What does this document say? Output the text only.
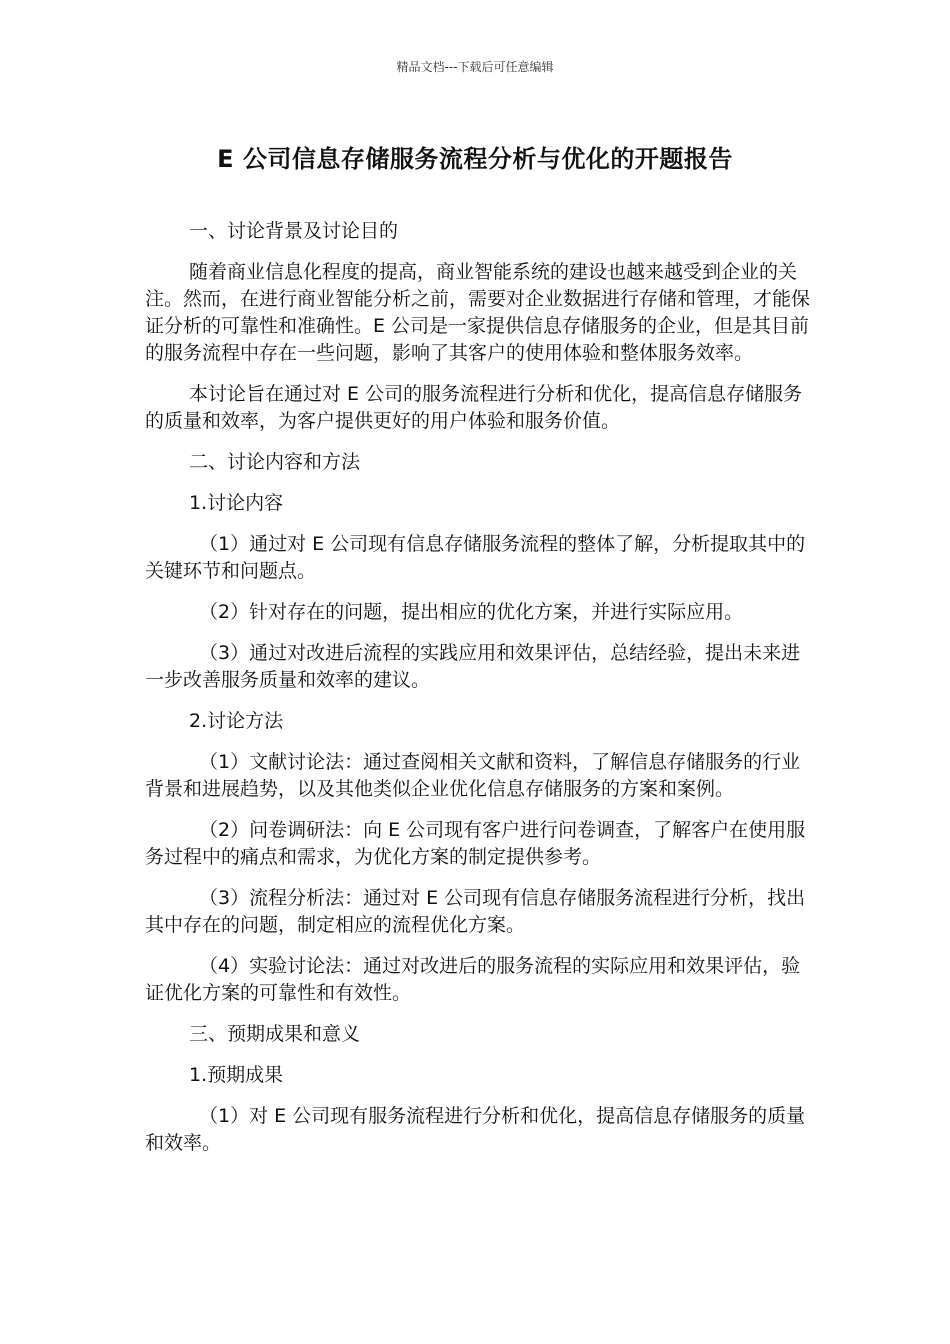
精品文档---下载后可任意编辑
E 公司信息存储服务流程分析与优化的开题报告

一、讨论背景及讨论目的

随着商业信息化程度的提高，商业智能系统的建设也越来越受到企业的关注。然而，在进行商业智能分析之前，需要对企业数据进行存储和管理，才能保证分析的可靠性和准确性。E 公司是一家提供信息存储服务的企业，但是其目前的服务流程中存在一些问题，影响了其客户的使用体验和整体服务效率。

本讨论旨在通过对 E 公司的服务流程进行分析和优化，提高信息存储服务的质量和效率，为客户提供更好的用户体验和服务价值。

二、讨论内容和方法

1.讨论内容

（1）通过对 E 公司现有信息存储服务流程的整体了解，分析提取其中的关键环节和问题点。

（2）针对存在的问题，提出相应的优化方案，并进行实际应用。

（3）通过对改进后流程的实践应用和效果评估，总结经验，提出未来进一步改善服务质量和效率的建议。

2.讨论方法

（1）文献讨论法：通过查阅相关文献和资料，了解信息存储服务的行业背景和进展趋势，以及其他类似企业优化信息存储服务的方案和案例。

（2）问卷调研法：向 E 公司现有客户进行问卷调查，了解客户在使用服务过程中的痛点和需求，为优化方案的制定提供参考。

（3）流程分析法：通过对 E 公司现有信息存储服务流程进行分析，找出其中存在的问题，制定相应的流程优化方案。

（4）实验讨论法：通过对改进后的服务流程的实际应用和效果评估，验证优化方案的可靠性和有效性。

三、预期成果和意义

1.预期成果

（1）对 E 公司现有服务流程进行分析和优化，提高信息存储服务的质量和效率。
